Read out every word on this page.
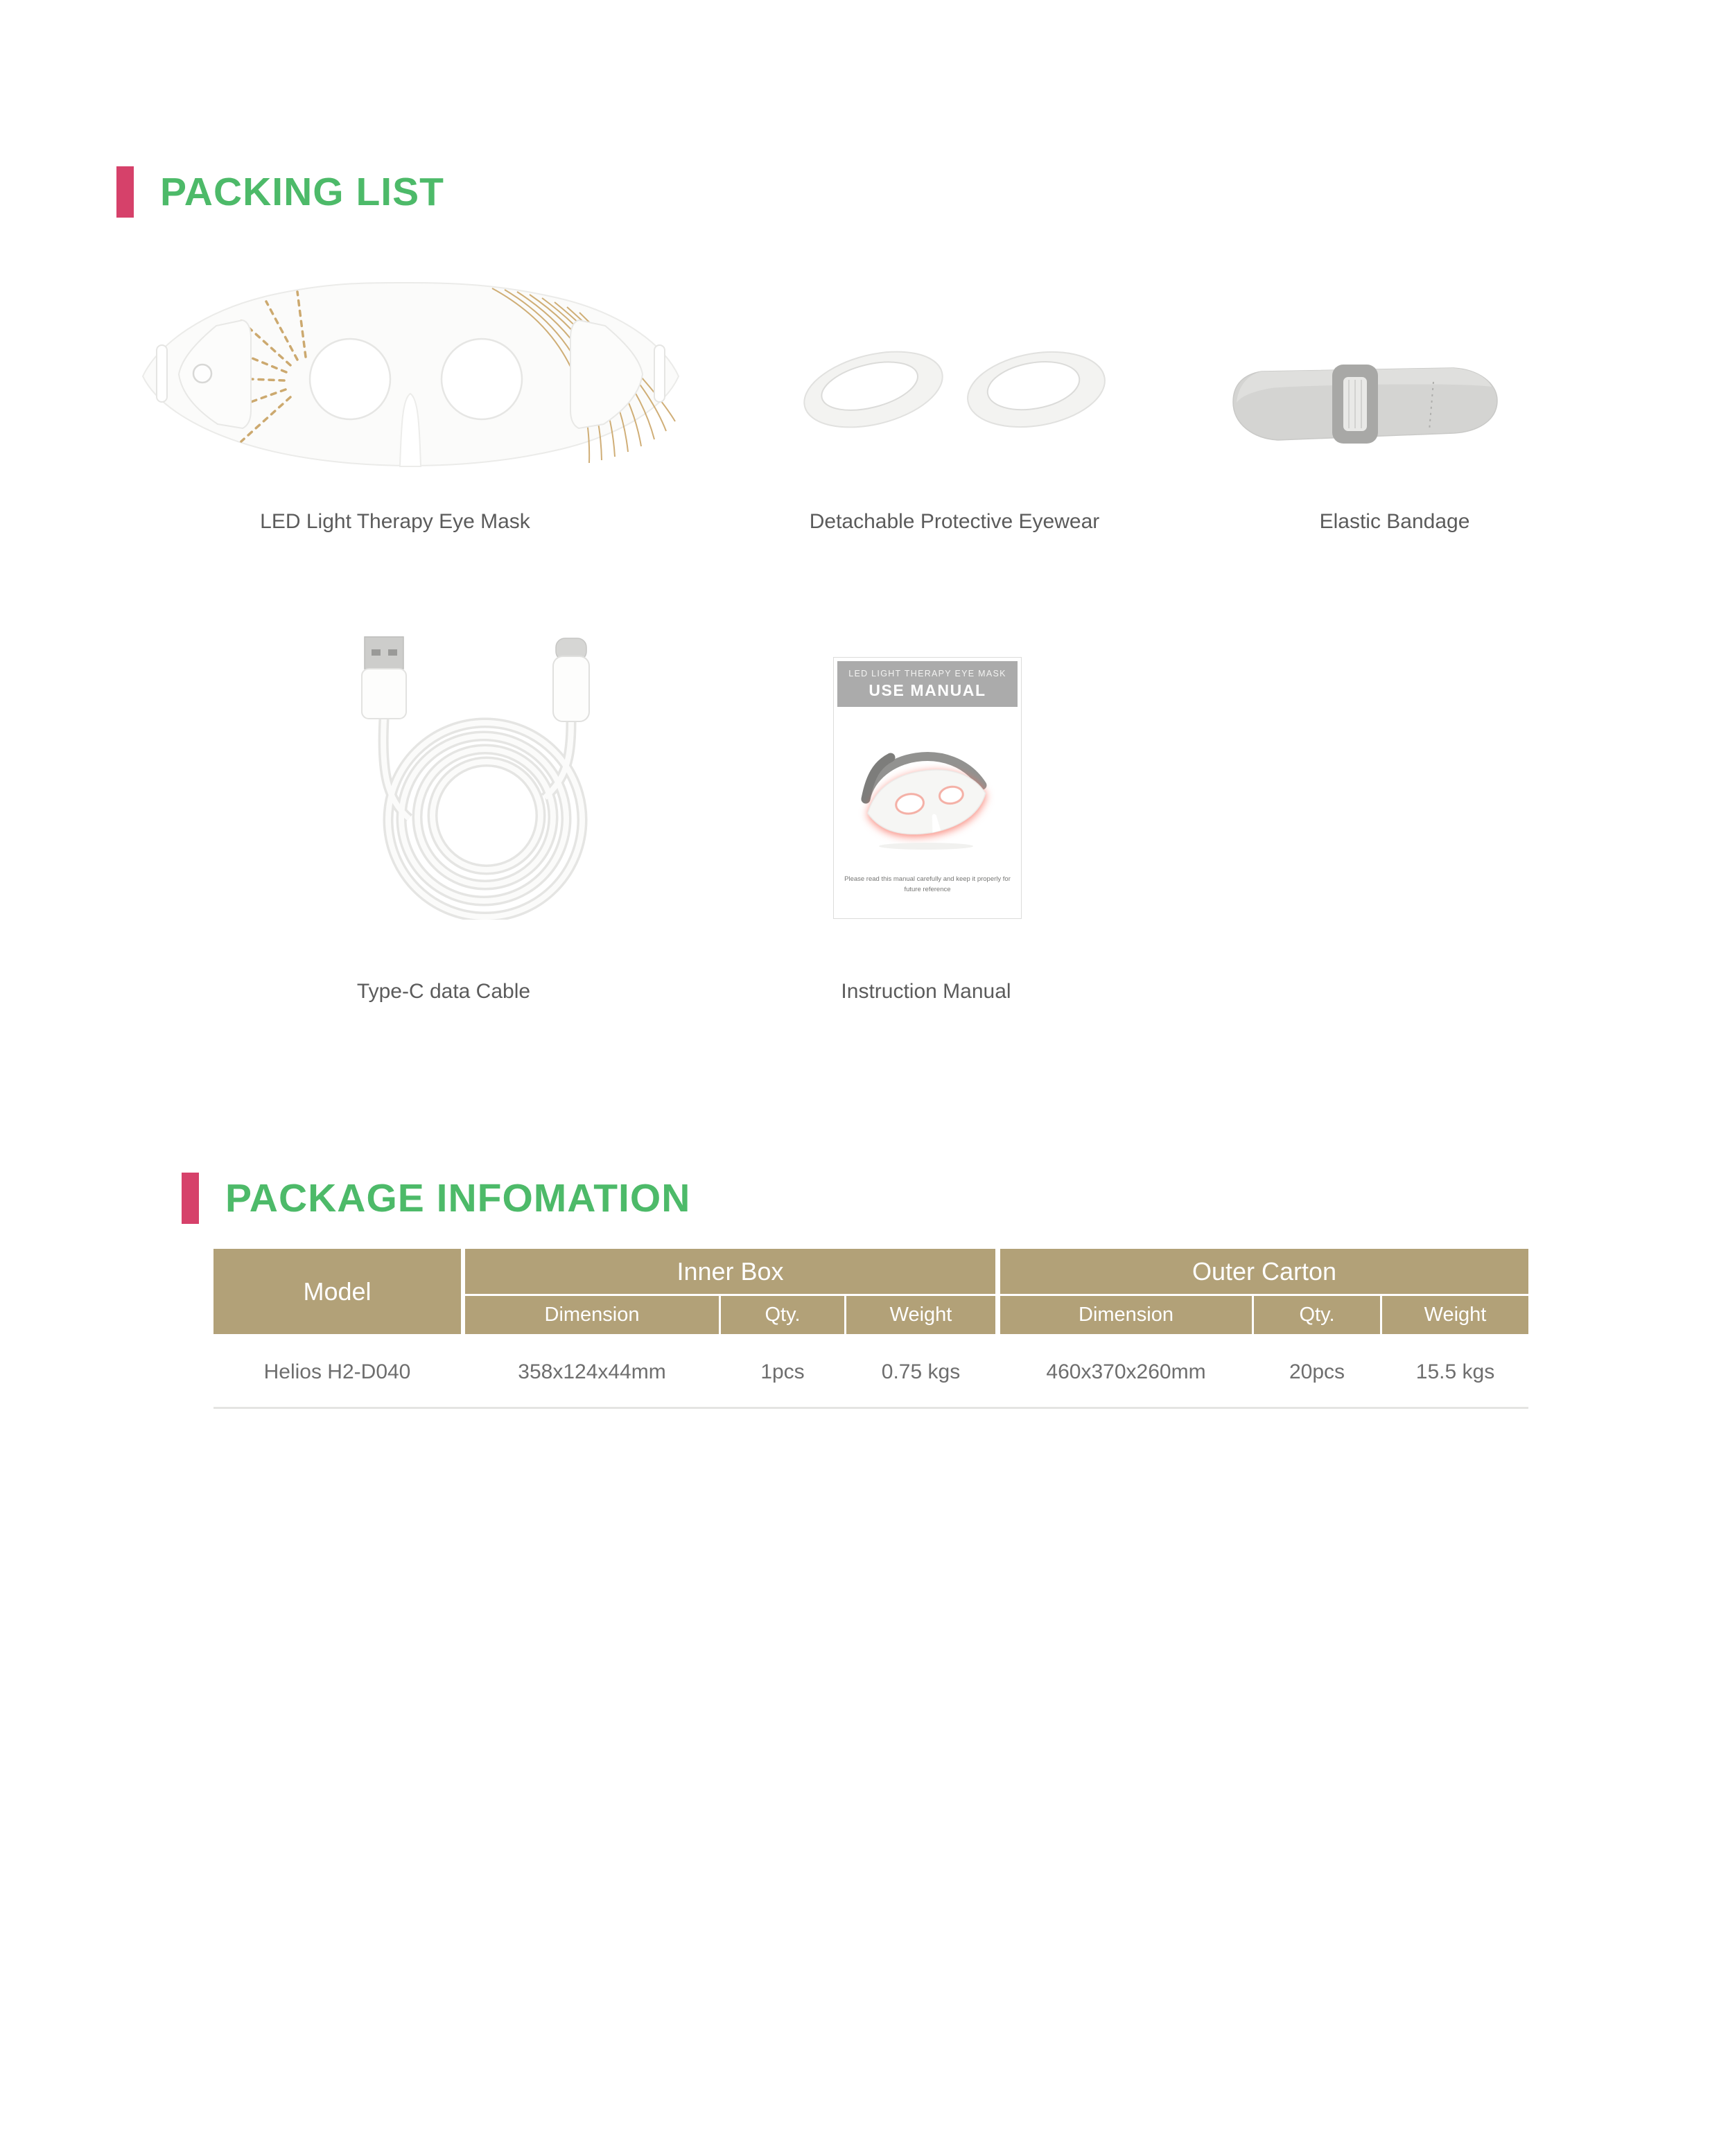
PACKING LIST
LED Light Therapy Eye Mask	Detachable Protective Eyewear	Elastic Bandage
LED LIGHT THERAPY EYE MASK
USE MANUAL
Please read this manual carefully and keep it properly for
future reference
Type-C data Cable	Instruction Manual
PACKAGE INFOMATION
Model
Inner Box	Outer Carton
Dimension	Qty.	Weight	Dimension	Qty.	Weight
Helios H2-D040	358x124x44mm	1pcs	0.75 kgs	460x370x260mm	20pcs	15.5 kgs
